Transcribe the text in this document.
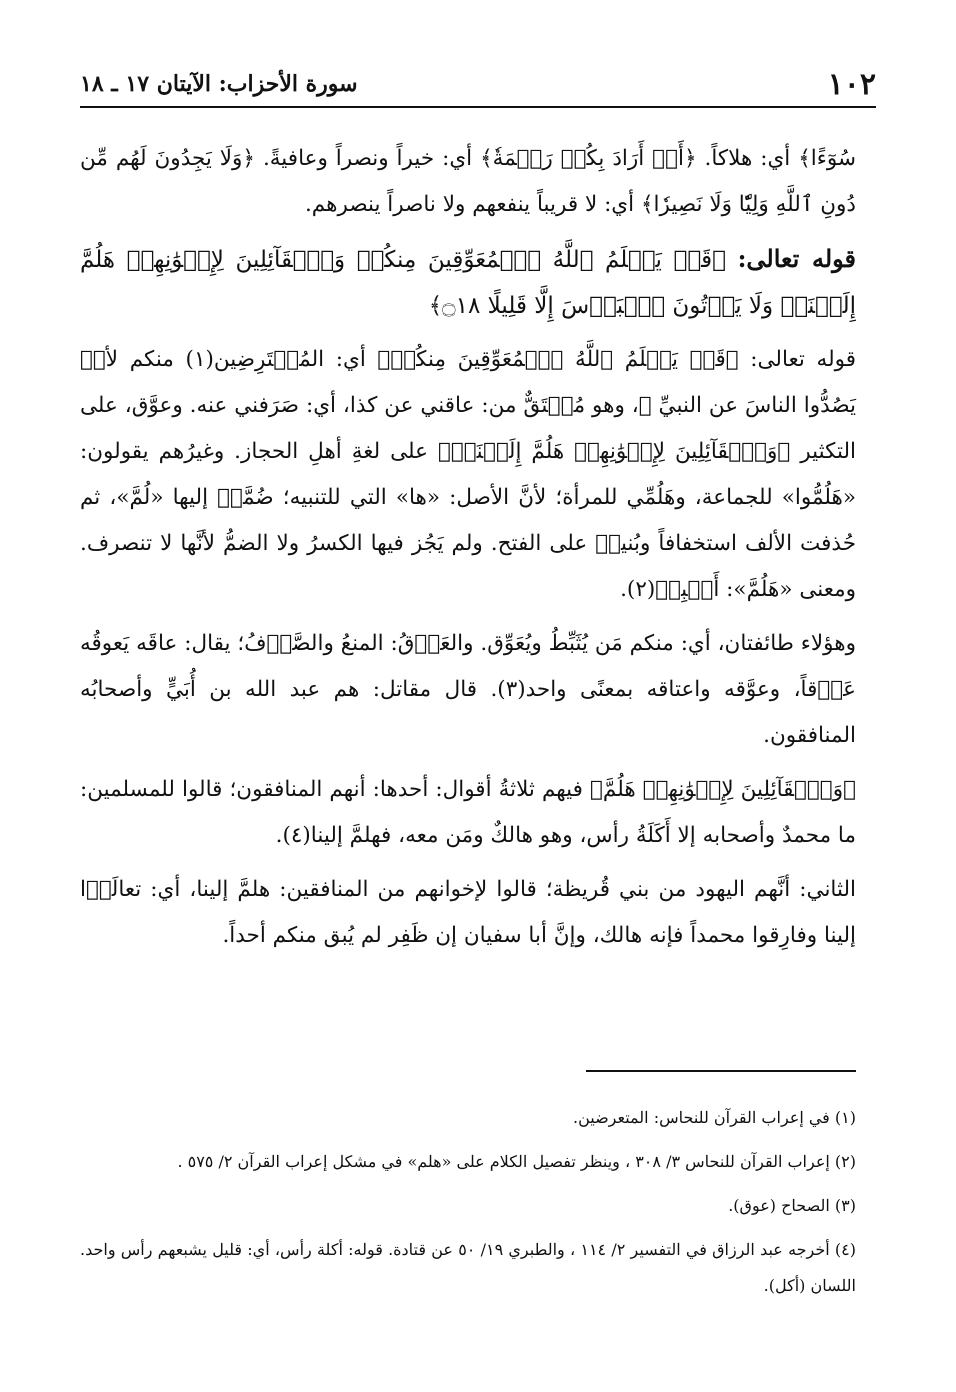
١٠٢
سورة الأحزاب: الآيتان ١٧ ـ ١٨

سُوٓءًا﴾ أي: هلاكاً. ﴿أَوۡ أَرَادَ بِكُمۡ رَحۡمَةٗ﴾ أي: خيراً ونصراً وعافيةً. ﴿وَلَا يَجِدُونَ لَهُم مِّن دُونِ ٱللَّهِ وَلِيّٗا وَلَا نَصِيرٗا﴾ أي: لا قريباً ينفعهم ولا ناصراً ينصرهم.

قوله تعالى: ﴿قَدۡ يَعۡلَمُ ٱللَّهُ ٱلۡمُعَوِّقِينَ مِنكُمۡ وَٱلۡقَآئِلِينَ لِإِخۡوَٰنِهِمۡ هَلُمَّ إِلَيۡنَاۖ وَلَا يَأۡتُونَ ٱلۡبَأۡسَ إِلَّا قَلِيلًا ۝١٨﴾

قوله تعالى: ﴿قَدۡ يَعۡلَمُ ٱللَّهُ ٱلۡمُعَوِّقِينَ مِنكُمۡ﴾ أي: المُعۡتَرِضِين(١) منكم لأنۡ يَصُدُّوا الناسَ عن النبيِّ ﷺ، وهو مُشۡتَقٌّ من: عاقني عن كذا، أي: صَرَفني عنه. وعوَّق، على التكثير ﴿وَٱلۡقَآئِلِينَ لِإِخۡوَٰنِهِمۡ هَلُمَّ إِلَيۡنَاۖ﴾ على لغةِ أهلِ الحجاز. وغيرُهم يقولون: «هَلُمُّوا» للجماعة، وهَلُمِّي للمرأة؛ لأنَّ الأصل: «ها» التي للتنبيه؛ ضُمَّتۡ إليها «لُمَّ»، ثم حُذفت الألف استخفافاً وبُنيتۡ على الفتح. ولم يَجُز فيها الكسرُ ولا الضمُّ لأنَّها لا تنصرف. ومعنى «هَلُمَّ»: أَقۡبِلۡ(٢).

وهؤلاء طائفتان، أي: منكم مَن يُثَبِّطُ ويُعَوِّق. والعَوۡقُ: المنعُ والصَّرۡفُ؛ يقال: عاقَه يَعوقُه عَوۡقاً، وعوَّقه واعتاقه بمعنًى واحد(٣). قال مقاتل: هم عبد الله بن أُبَيٍّ وأصحابُه المنافقون.

﴿وَٱلۡقَآئِلِينَ لِإِخۡوَٰنِهِمۡ هَلُمَّ﴾ فيهم ثلاثةُ أقوال: أحدها: أنهم المنافقون؛ قالوا للمسلمين: ما محمدٌ وأصحابه إلا أَكَلَةُ رأس، وهو هالكٌ ومَن معه، فهلمَّ إلينا(٤).

الثاني: أنَّهم اليهود من بني قُريظة؛ قالوا لإخوانهم من المنافقين: هلمَّ إلينا، أي: تعالَوۡا إلينا وفارِقوا محمداً فإنه هالك، وإنَّ أبا سفيان إن ظَفِر لم يُبق منكم أحداً.

(١) في إعراب القرآن للنحاس: المتعرضين.

(٢) إعراب القرآن للنحاس ٣/ ٣٠٨ ، وينظر تفصيل الكلام على «هلم» في مشكل إعراب القرآن ٢/ ٥٧٥ .

(٣) الصحاح (عوق).

(٤) أخرجه عبد الرزاق في التفسير ٢/ ١١٤ ، والطبري ١٩/ ٥٠ عن قتادة. قوله: أكلة رأس، أي: قليل يشبعهم رأس واحد. اللسان (أكل).
